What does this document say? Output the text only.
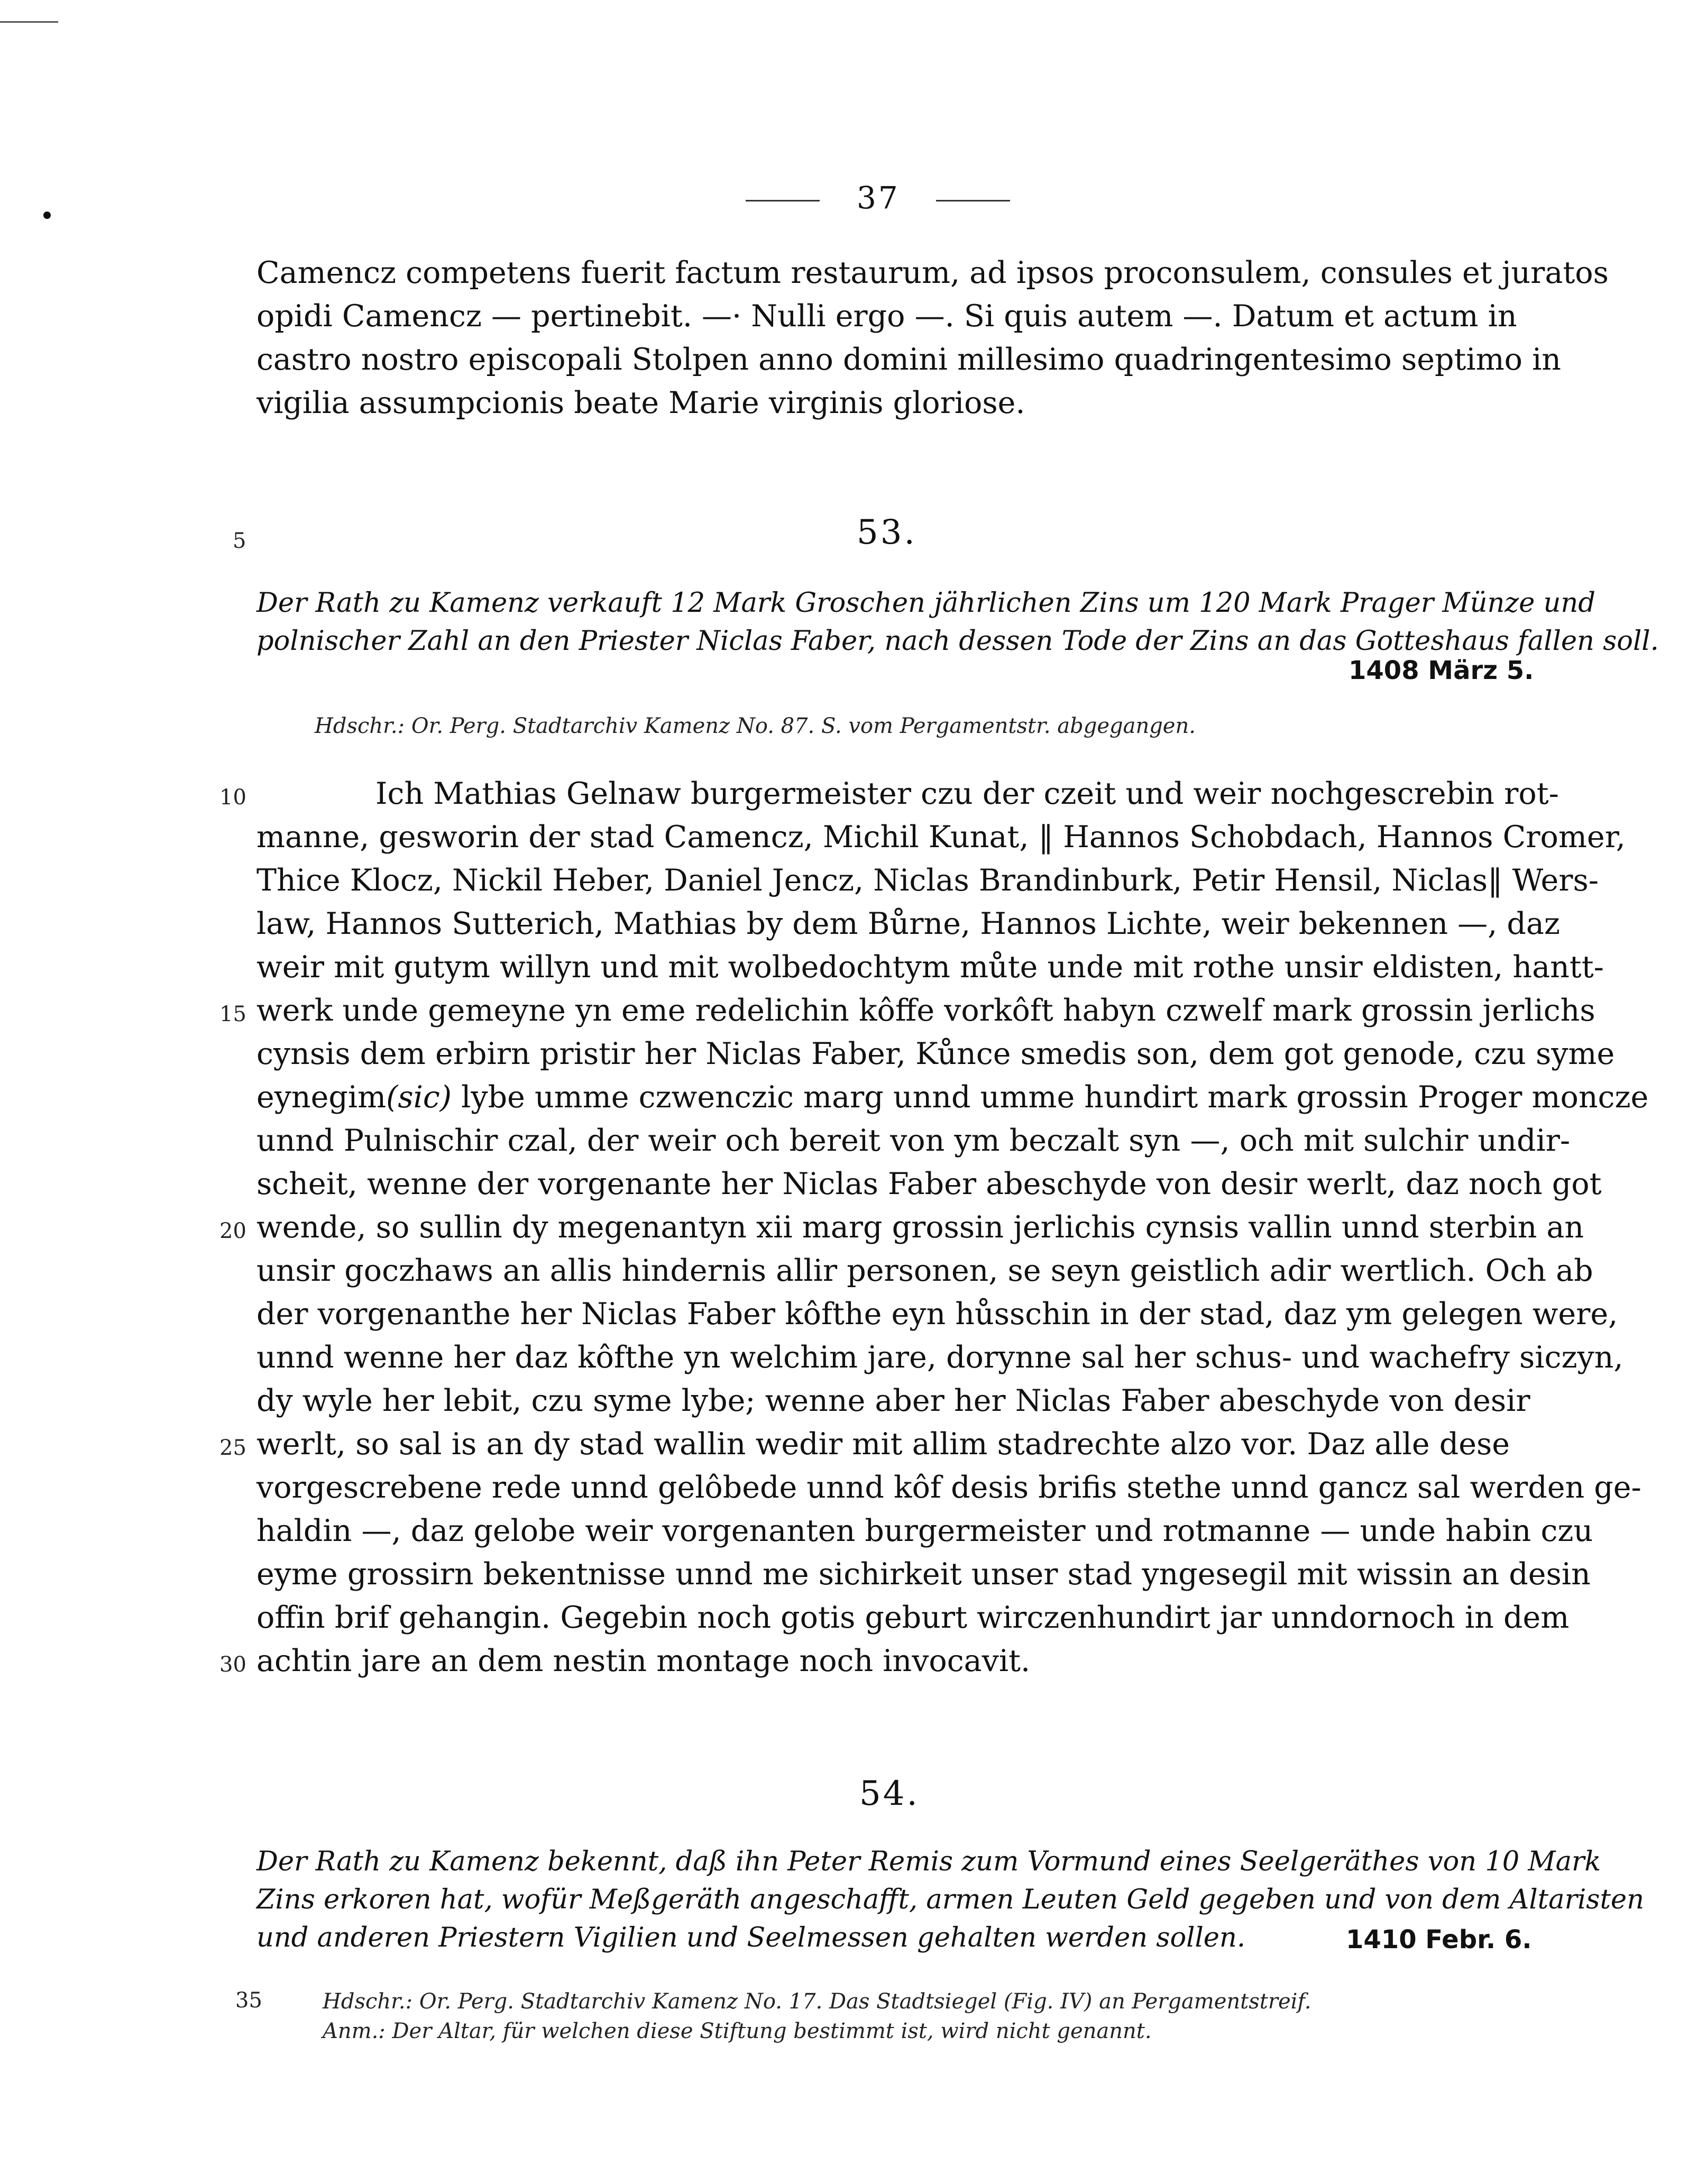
37
Camencz competens fuerit factum restaurum, ad ipsos proconsulem, consules et juratos
opidi Camencz — pertinebit. —· Nulli ergo —. Si quis autem —. Datum et actum in
castro nostro episcopali Stolpen anno domini millesimo quadringentesimo septimo in
vigilia assumpcionis beate Marie virginis gloriose.
5	53.
Der Rath zu Kamenz verkauft 12 Mark Groschen jährlichen Zins um 120 Mark Prager Münze und
polnischer Zahl an den Priester Niclas Faber, nach dessen Tode der Zins an das Gotteshaus fallen soll.
1408 März 5.
Hdschr.: Or. Perg. Stadtarchiv Kamenz No. 87. S. vom Pergamentstr. abgegangen.
10
15
20
25
30
Ich Mathias Gelnaw burgermeister czu der czeit und weir nochgescrebin rot-
manne, gesworin der stad Camencz, Michil Kunat, ‖ Hannos Schobdach, Hannos Cromer,
Thice Klocz, Nickil Heber, Daniel Jencz, Niclas Brandinburk, Petir Hensil, Niclas‖ Wers-
law, Hannos Sutterich, Mathias by dem Bůrne, Hannos Lichte, weir bekennen —, daz
weir mit gutym willyn und mit wolbedochtym můte unde mit rothe unsir eldisten, hantt-
werk unde gemeyne yn eme redelichin kôffe vorkôft habyn czwelf mark grossin jerlichs
cynsis dem erbirn pristir her Niclas Faber, Kůnce smedis son, dem got genode, czu syme
eynegim(sic) lybe umme czwenczic marg unnd umme hundirt mark grossin Proger moncze
unnd Pulnischir czal, der weir och bereit von ym beczalt syn —, och mit sulchir undir-
scheit, wenne der vorgenante her Niclas Faber abeschyde von desir werlt, daz noch got
wende, so sullin dy megenantyn xii marg grossin jerlichis cynsis vallin unnd sterbin an
unsir goczhaws an allis hindernis allir personen, se seyn geistlich adir wertlich. Och ab
der vorgenanthe her Niclas Faber kôfthe eyn hůsschin in der stad, daz ym gelegen were,
unnd wenne her daz kôfthe yn welchim jare, dorynne sal her schus- und wachefry siczyn,
dy wyle her lebit, czu syme lybe; wenne aber her Niclas Faber abeschyde von desir
werlt, so sal is an dy stad wallin wedir mit allim stadrechte alzo vor. Daz alle dese
vorgescrebene rede unnd gelôbede unnd kôf desis brifis stethe unnd gancz sal werden ge-
haldin —, daz gelobe weir vorgenanten burgermeister und rotmanne — unde habin czu
eyme grossirn bekentnisse unnd me sichirkeit unser stad yngesegil mit wissin an desin
offin brif gehangin. Gegebin noch gotis geburt wirczenhundirt jar unndornoch in dem
achtin jare an dem nestin montage noch invocavit.
54.
Der Rath zu Kamenz bekennt, daß ihn Peter Remis zum Vormund eines Seelgeräthes von 10 Mark
Zins erkoren hat, wofür Meßgeräth angeschafft, armen Leuten Geld gegeben und von dem Altaristen
und anderen Priestern Vigilien und Seelmessen gehalten werden sollen.	1410 Febr. 6.
35	Hdschr.: Or. Perg. Stadtarchiv Kamenz No. 17. Das Stadtsiegel (Fig. IV) an Pergamentstreif.
Anm.: Der Altar, für welchen diese Stiftung bestimmt ist, wird nicht genannt.
